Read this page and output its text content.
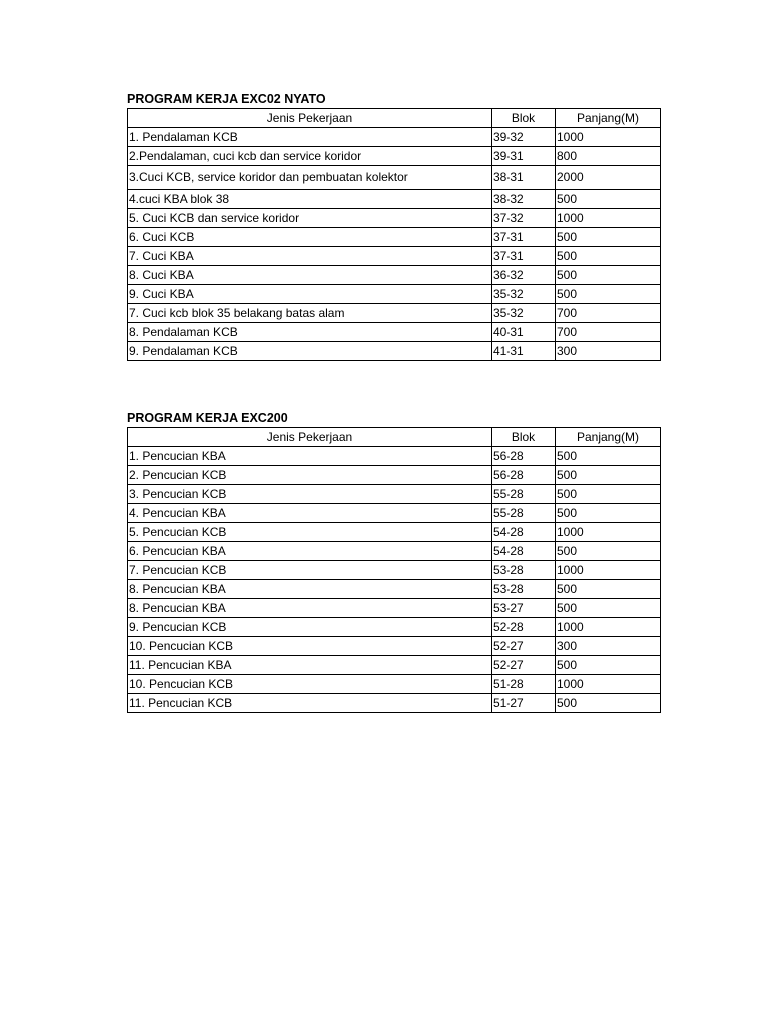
PROGRAM KERJA EXC02 NYATO
Jenis Pekerjaan	Blok	Panjang(M)
1. Pendalaman KCB	39-32	1000
2.Pendalaman, cuci kcb dan service koridor	39-31	800
3.Cuci KCB, service koridor dan pembuatan kolektor	38-31	2000
4.cuci KBA blok 38	38-32	500
5. Cuci KCB dan service koridor	37-32	1000
6. Cuci KCB	37-31	500
7. Cuci KBA	37-31	500
8. Cuci KBA	36-32	500
9. Cuci KBA	35-32	500
7. Cuci kcb blok 35 belakang batas alam	35-32	700
8. Pendalaman KCB	40-31	700
9. Pendalaman KCB	41-31	300
PROGRAM KERJA EXC200
Jenis Pekerjaan	Blok	Panjang(M)
1. Pencucian KBA	56-28	500
2. Pencucian KCB	56-28	500
3. Pencucian KCB	55-28	500
4. Pencucian KBA	55-28	500
5. Pencucian KCB	54-28	1000
6. Pencucian KBA	54-28	500
7. Pencucian KCB	53-28	1000
8. Pencucian KBA	53-28	500
8. Pencucian KBA	53-27	500
9. Pencucian KCB	52-28	1000
10. Pencucian KCB	52-27	300
11. Pencucian KBA	52-27	500
10. Pencucian KCB	51-28	1000
11. Pencucian KCB	51-27	500
